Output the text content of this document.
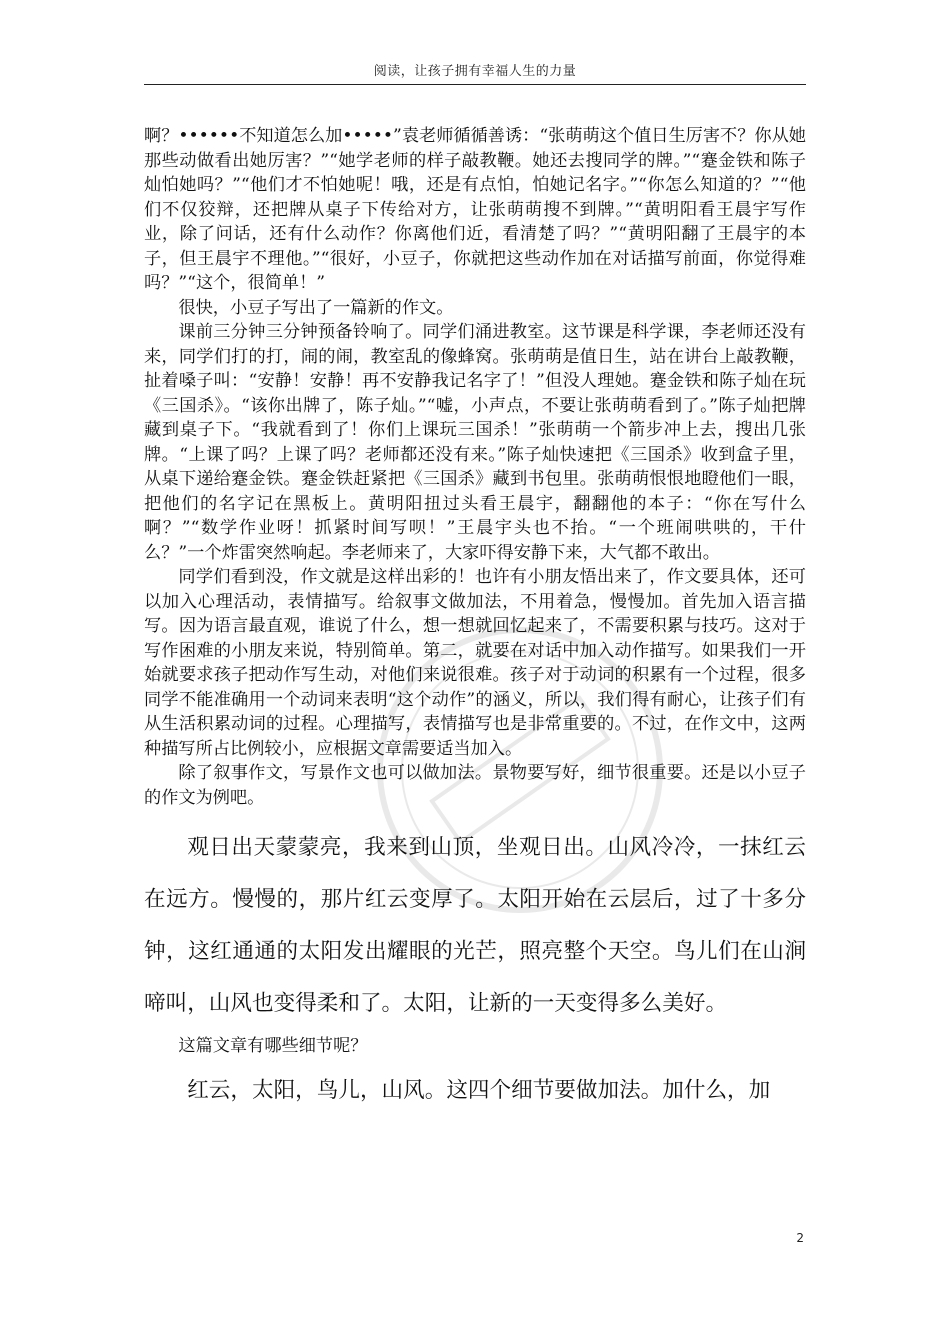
阅读，让孩子拥有幸福人生的力量

啊？••••••不知道怎么加•••••”袁老师循循善诱：“张萌萌这个值日生厉害不？你从她那些动做看出她厉害？”“她学老师的样子敲教鞭。她还去搜同学的牌。”“蹇金铁和陈子灿怕她吗？”“他们才不怕她呢！哦，还是有点怕，怕她记名字。”“你怎么知道的？”“他们不仅狡辩，还把牌从桌子下传给对方，让张萌萌搜不到牌。”“黄明阳看王晨宇写作业，除了问话，还有什么动作？你离他们近，看清楚了吗？”“黄明阳翻了王晨宇的本子，但王晨宇不理他。”“很好，小豆子，你就把这些动作加在对话描写前面，你觉得难吗？”“这个，很简单！”

很快，小豆子写出了一篇新的作文。

课前三分钟三分钟预备铃响了。同学们涌进教室。这节课是科学课，李老师还没有来，同学们打的打，闹的闹，教室乱的像蜂窝。张萌萌是值日生，站在讲台上敲教鞭，扯着嗓子叫：“安静！安静！再不安静我记名字了！”但没人理她。蹇金铁和陈子灿在玩《三国杀》。“该你出牌了，陈子灿。”“嘘，小声点，不要让张萌萌看到了。”陈子灿把牌藏到桌子下。“我就看到了！你们上课玩三国杀！”张萌萌一个箭步冲上去，搜出几张牌。“上课了吗？上课了吗？老师都还没有来。”陈子灿快速把《三国杀》收到盒子里，从桌下递给蹇金铁。蹇金铁赶紧把《三国杀》藏到书包里。张萌萌恨恨地瞪他们一眼，把他们的名字记在黑板上。黄明阳扭过头看王晨宇，翻翻他的本子：“你在写什么啊？”“数学作业呀！抓紧时间写呗！”王晨宇头也不抬。“一个班闹哄哄的，干什么？”一个炸雷突然响起。李老师来了，大家吓得安静下来，大气都不敢出。

同学们看到没，作文就是这样出彩的！也许有小朋友悟出来了，作文要具体，还可以加入心理活动，表情描写。给叙事文做加法，不用着急，慢慢加。首先加入语言描写。因为语言最直观，谁说了什么，想一想就回忆起来了，不需要积累与技巧。这对于写作困难的小朋友来说，特别简单。第二，就要在对话中加入动作描写。如果我们一开始就要求孩子把动作写生动，对他们来说很难。孩子对于动词的积累有一个过程，很多同学不能准确用一个动词来表明“这个动作”的涵义，所以，我们得有耐心，让孩子们有从生活积累动词的过程。心理描写，表情描写也是非常重要的。不过，在作文中，这两种描写所占比例较小，应根据文章需要适当加入。

除了叙事作文，写景作文也可以做加法。景物要写好，细节很重要。还是以小豆子的作文为例吧。

观日出天蒙蒙亮，我来到山顶，坐观日出。山风冷冷，一抹红云在远方。慢慢的，那片红云变厚了。太阳开始在云层后，过了十多分钟，这红通通的太阳发出耀眼的光芒，照亮整个天空。鸟儿们在山涧啼叫，山风也变得柔和了。太阳，让新的一天变得多么美好。

这篇文章有哪些细节呢？

红云，太阳，鸟儿，山风。这四个细节要做加法。加什么，加

2
